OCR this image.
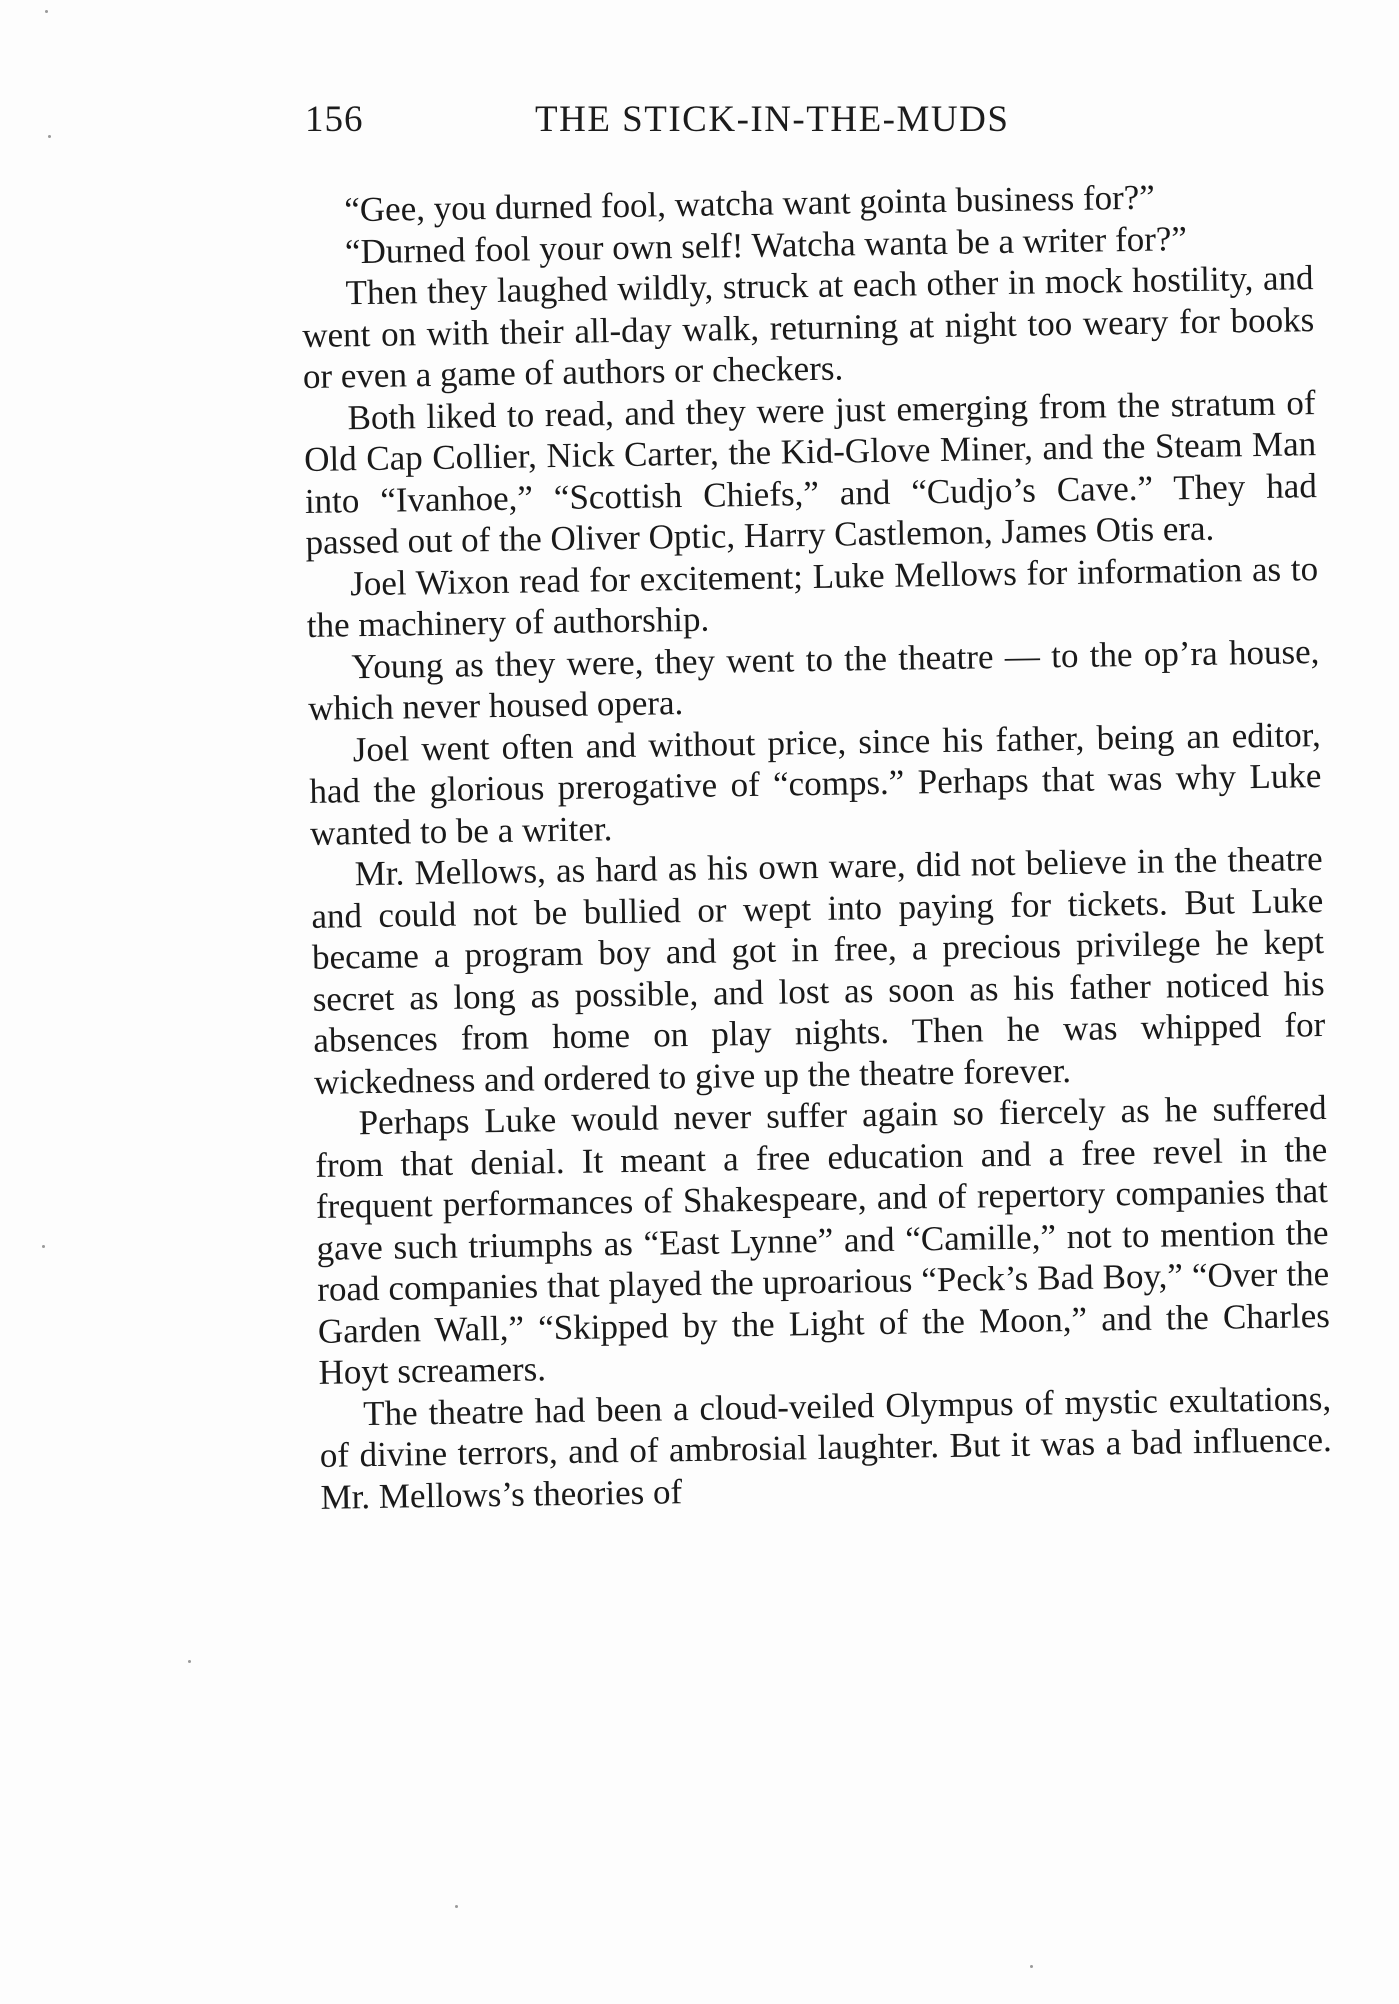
156	THE STICK-IN-THE-MUDS

“Gee, you durned fool, watcha want gointa business for?”

“Durned fool your own self! Watcha wanta be a writer for?”

Then they laughed wildly, struck at each other in mock hostility, and went on with their all-day walk, returning at night too weary for books or even a game of authors or checkers.

Both liked to read, and they were just emerging from the stratum of Old Cap Collier, Nick Carter, the Kid-Glove Miner, and the Steam Man into “Ivanhoe,” “Scottish Chiefs,” and “Cudjo’s Cave.” They had passed out of the Oliver Optic, Harry Castlemon, James Otis era.

Joel Wixon read for excitement; Luke Mellows for information as to the machinery of authorship.

Young as they were, they went to the theatre — to the op’ra house, which never housed opera.

Joel went often and without price, since his father, being an editor, had the glorious prerogative of “comps.” Perhaps that was why Luke wanted to be a writer.

Mr. Mellows, as hard as his own ware, did not believe in the theatre and could not be bullied or wept into paying for tickets. But Luke became a program boy and got in free, a precious privilege he kept secret as long as possible, and lost as soon as his father noticed his absences from home on play nights. Then he was whipped for wickedness and ordered to give up the theatre forever.

Perhaps Luke would never suffer again so fiercely as he suffered from that denial. It meant a free education and a free revel in the frequent performances of Shakespeare, and of repertory companies that gave such triumphs as “East Lynne” and “Camille,” not to mention the road companies that played the uproarious “Peck’s Bad Boy,” “Over the Garden Wall,” “Skipped by the Light of the Moon,” and the Charles Hoyt screamers.

The theatre had been a cloud-veiled Olympus of mystic exultations, of divine terrors, and of ambrosial laughter. But it was a bad influence. Mr. Mellows’s theories of
